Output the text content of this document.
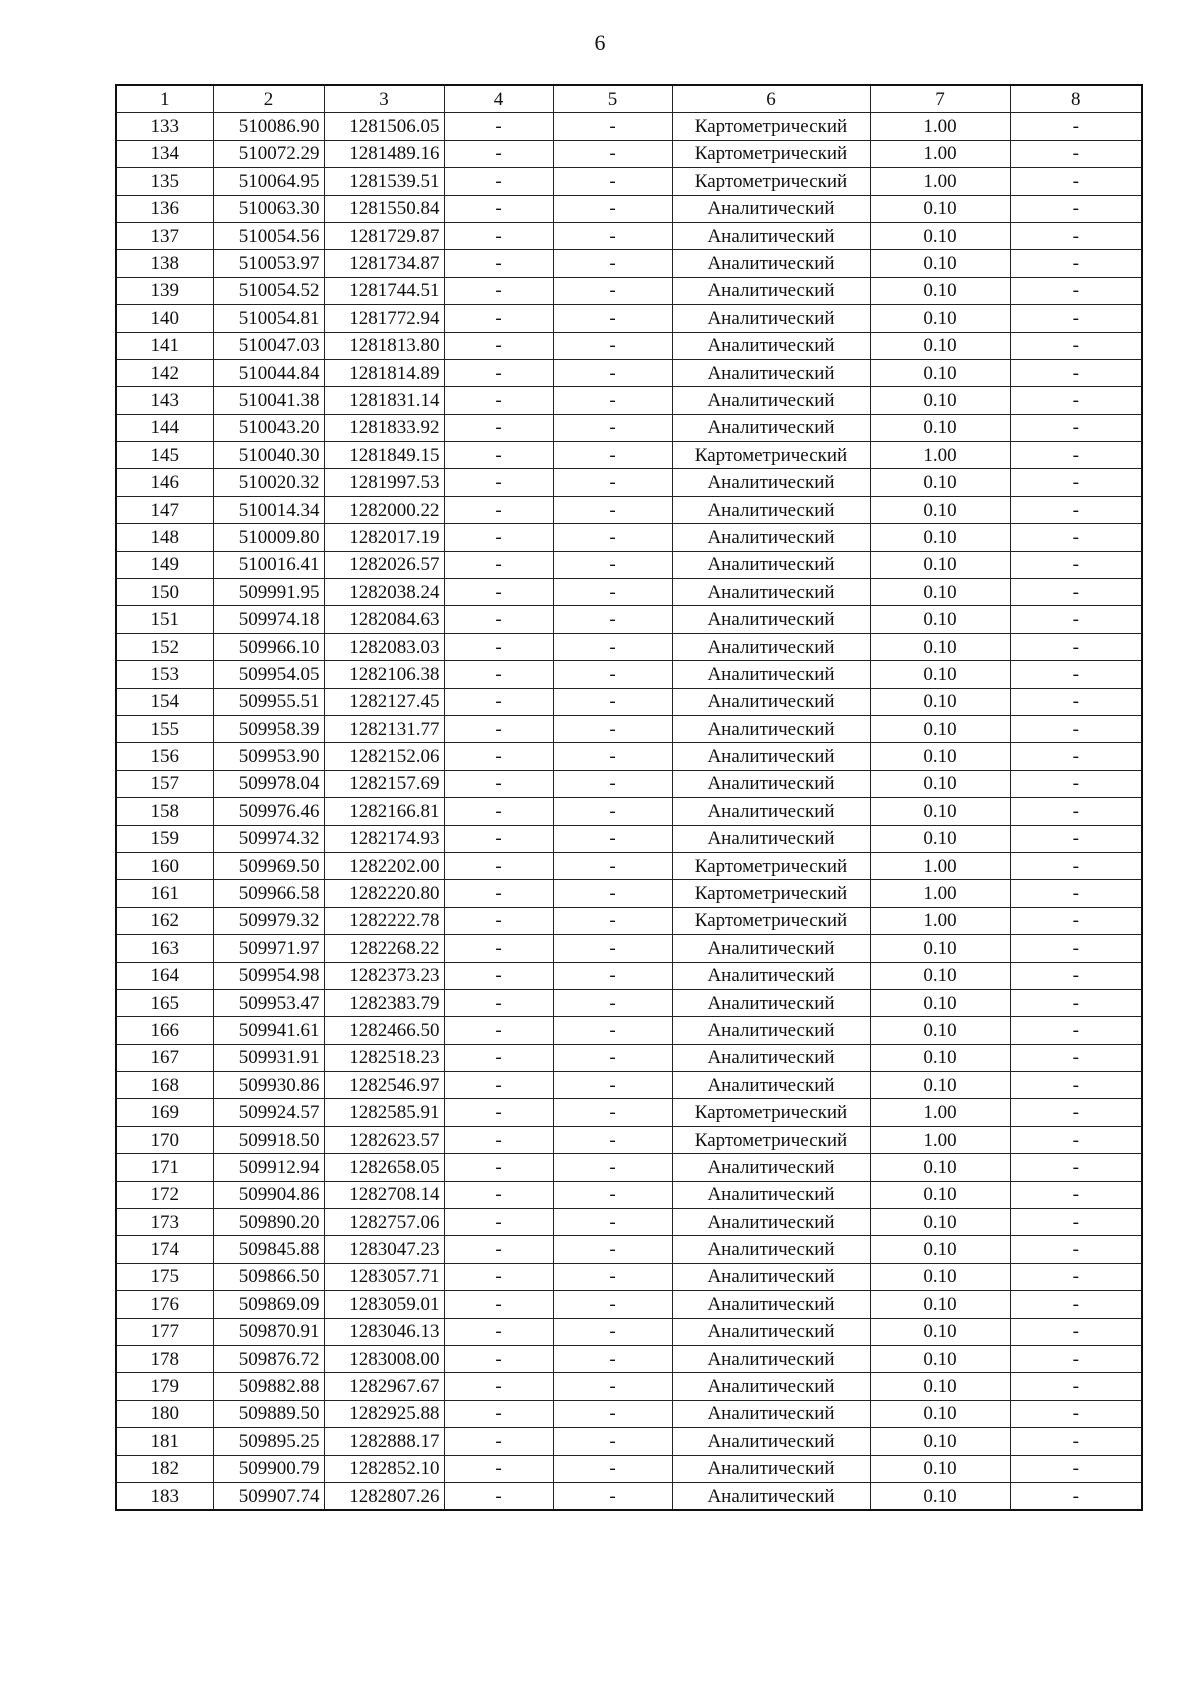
6
1	2	3	4	5	6	7	8
133	510086.90	1281506.05	-	-	Картометрический	1.00	-
134	510072.29	1281489.16	-	-	Картометрический	1.00	-
135	510064.95	1281539.51	-	-	Картометрический	1.00	-
136	510063.30	1281550.84	-	-	Аналитический	0.10	-
137	510054.56	1281729.87	-	-	Аналитический	0.10	-
138	510053.97	1281734.87	-	-	Аналитический	0.10	-
139	510054.52	1281744.51	-	-	Аналитический	0.10	-
140	510054.81	1281772.94	-	-	Аналитический	0.10	-
141	510047.03	1281813.80	-	-	Аналитический	0.10	-
142	510044.84	1281814.89	-	-	Аналитический	0.10	-
143	510041.38	1281831.14	-	-	Аналитический	0.10	-
144	510043.20	1281833.92	-	-	Аналитический	0.10	-
145	510040.30	1281849.15	-	-	Картометрический	1.00	-
146	510020.32	1281997.53	-	-	Аналитический	0.10	-
147	510014.34	1282000.22	-	-	Аналитический	0.10	-
148	510009.80	1282017.19	-	-	Аналитический	0.10	-
149	510016.41	1282026.57	-	-	Аналитический	0.10	-
150	509991.95	1282038.24	-	-	Аналитический	0.10	-
151	509974.18	1282084.63	-	-	Аналитический	0.10	-
152	509966.10	1282083.03	-	-	Аналитический	0.10	-
153	509954.05	1282106.38	-	-	Аналитический	0.10	-
154	509955.51	1282127.45	-	-	Аналитический	0.10	-
155	509958.39	1282131.77	-	-	Аналитический	0.10	-
156	509953.90	1282152.06	-	-	Аналитический	0.10	-
157	509978.04	1282157.69	-	-	Аналитический	0.10	-
158	509976.46	1282166.81	-	-	Аналитический	0.10	-
159	509974.32	1282174.93	-	-	Аналитический	0.10	-
160	509969.50	1282202.00	-	-	Картометрический	1.00	-
161	509966.58	1282220.80	-	-	Картометрический	1.00	-
162	509979.32	1282222.78	-	-	Картометрический	1.00	-
163	509971.97	1282268.22	-	-	Аналитический	0.10	-
164	509954.98	1282373.23	-	-	Аналитический	0.10	-
165	509953.47	1282383.79	-	-	Аналитический	0.10	-
166	509941.61	1282466.50	-	-	Аналитический	0.10	-
167	509931.91	1282518.23	-	-	Аналитический	0.10	-
168	509930.86	1282546.97	-	-	Аналитический	0.10	-
169	509924.57	1282585.91	-	-	Картометрический	1.00	-
170	509918.50	1282623.57	-	-	Картометрический	1.00	-
171	509912.94	1282658.05	-	-	Аналитический	0.10	-
172	509904.86	1282708.14	-	-	Аналитический	0.10	-
173	509890.20	1282757.06	-	-	Аналитический	0.10	-
174	509845.88	1283047.23	-	-	Аналитический	0.10	-
175	509866.50	1283057.71	-	-	Аналитический	0.10	-
176	509869.09	1283059.01	-	-	Аналитический	0.10	-
177	509870.91	1283046.13	-	-	Аналитический	0.10	-
178	509876.72	1283008.00	-	-	Аналитический	0.10	-
179	509882.88	1282967.67	-	-	Аналитический	0.10	-
180	509889.50	1282925.88	-	-	Аналитический	0.10	-
181	509895.25	1282888.17	-	-	Аналитический	0.10	-
182	509900.79	1282852.10	-	-	Аналитический	0.10	-
183	509907.74	1282807.26	-	-	Аналитический	0.10	-
